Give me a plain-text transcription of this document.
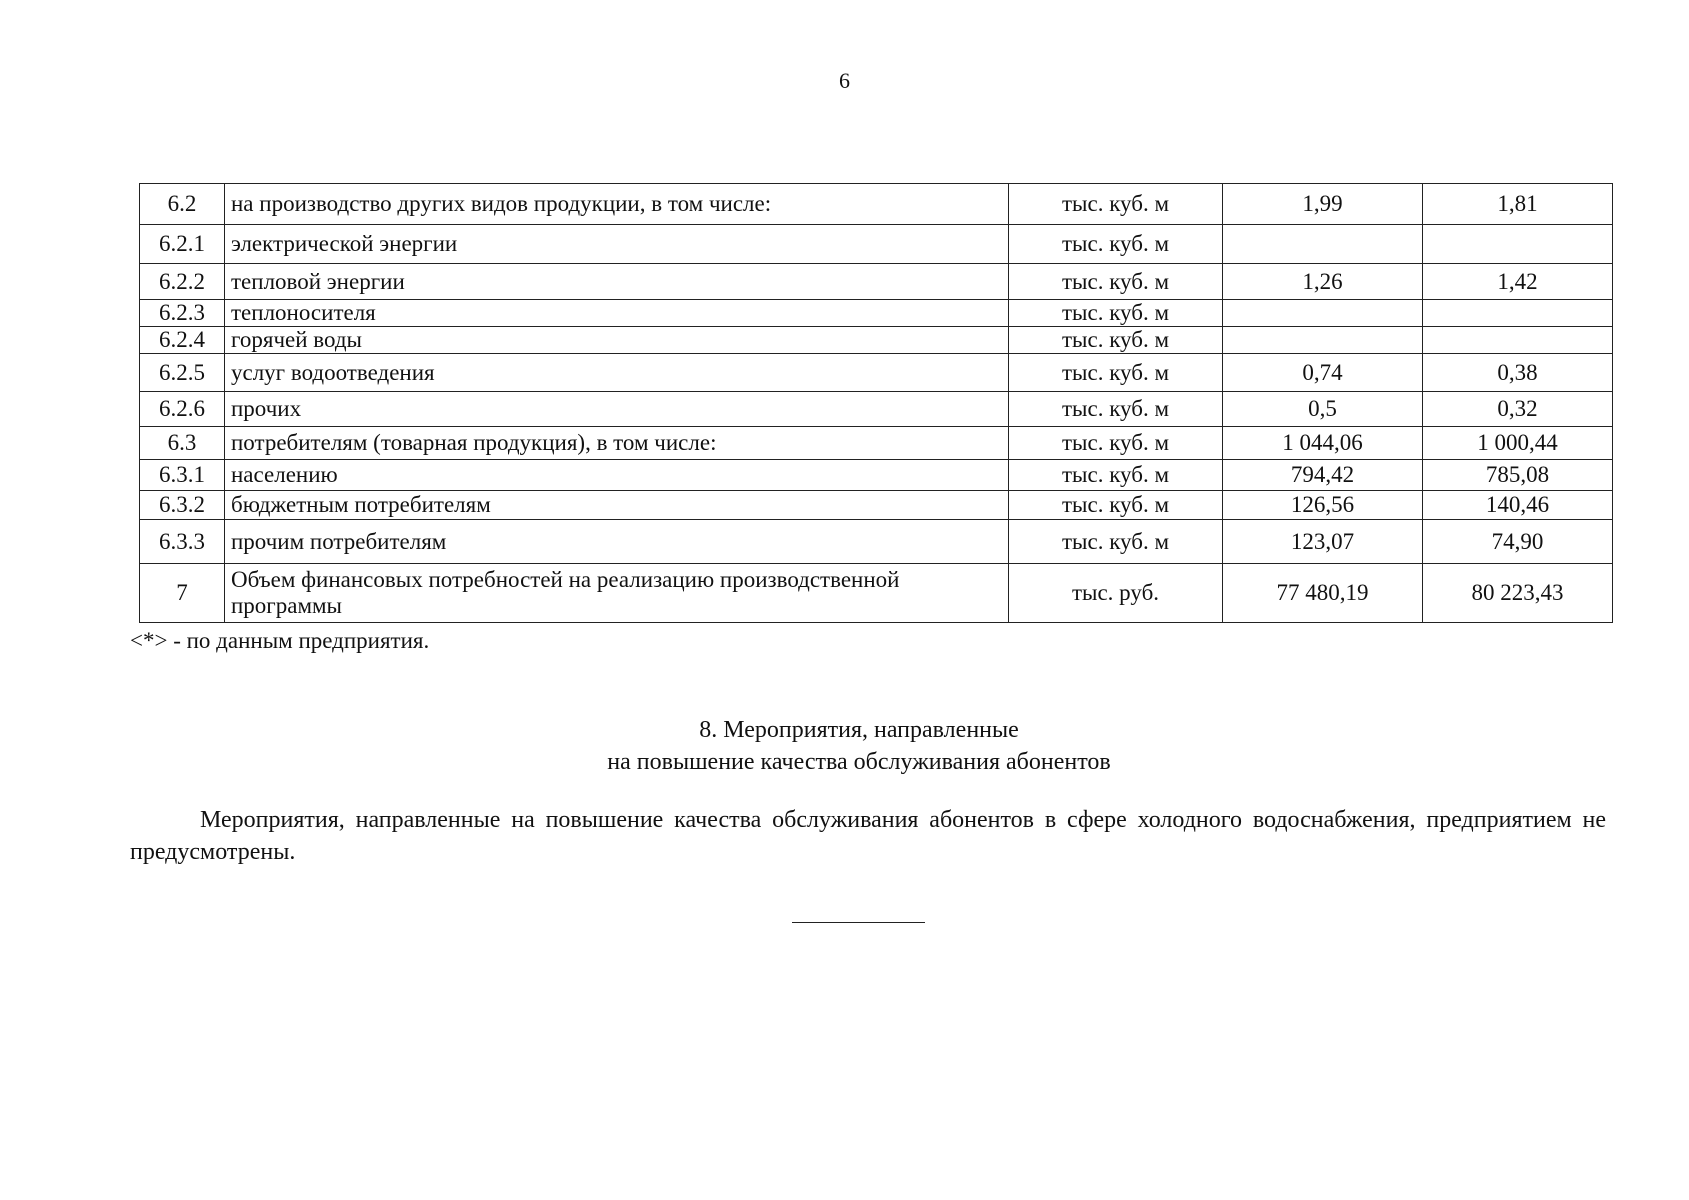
6
6.2	на производство других видов продукции, в том числе:	тыс. куб. м	1,99	1,81
6.2.1	электрической энергии	тыс. куб. м		
6.2.2	тепловой энергии	тыс. куб. м	1,26	1,42
6.2.3	теплоносителя	тыс. куб. м		
6.2.4	горячей воды	тыс. куб. м		
6.2.5	услуг водоотведения	тыс. куб. м	0,74	0,38
6.2.6	прочих	тыс. куб. м	0,5	0,32
6.3	потребителям (товарная продукция), в том числе:	тыс. куб. м	1 044,06	1 000,44
6.3.1	населению	тыс. куб. м	794,42	785,08
6.3.2	бюджетным потребителям	тыс. куб. м	126,56	140,46
6.3.3	прочим потребителям	тыс. куб. м	123,07	74,90
7	Объем финансовых потребностей на реализацию производственной программы	тыс. руб.	77 480,19	80 223,43
<*> - по данным предприятия.
8. Мероприятия, направленные
на повышение качества обслуживания абонентов
Мероприятия, направленные на повышение качества обслуживания абонентов в сфере холодного водоснабжения, предприятием не предусмотрены.
